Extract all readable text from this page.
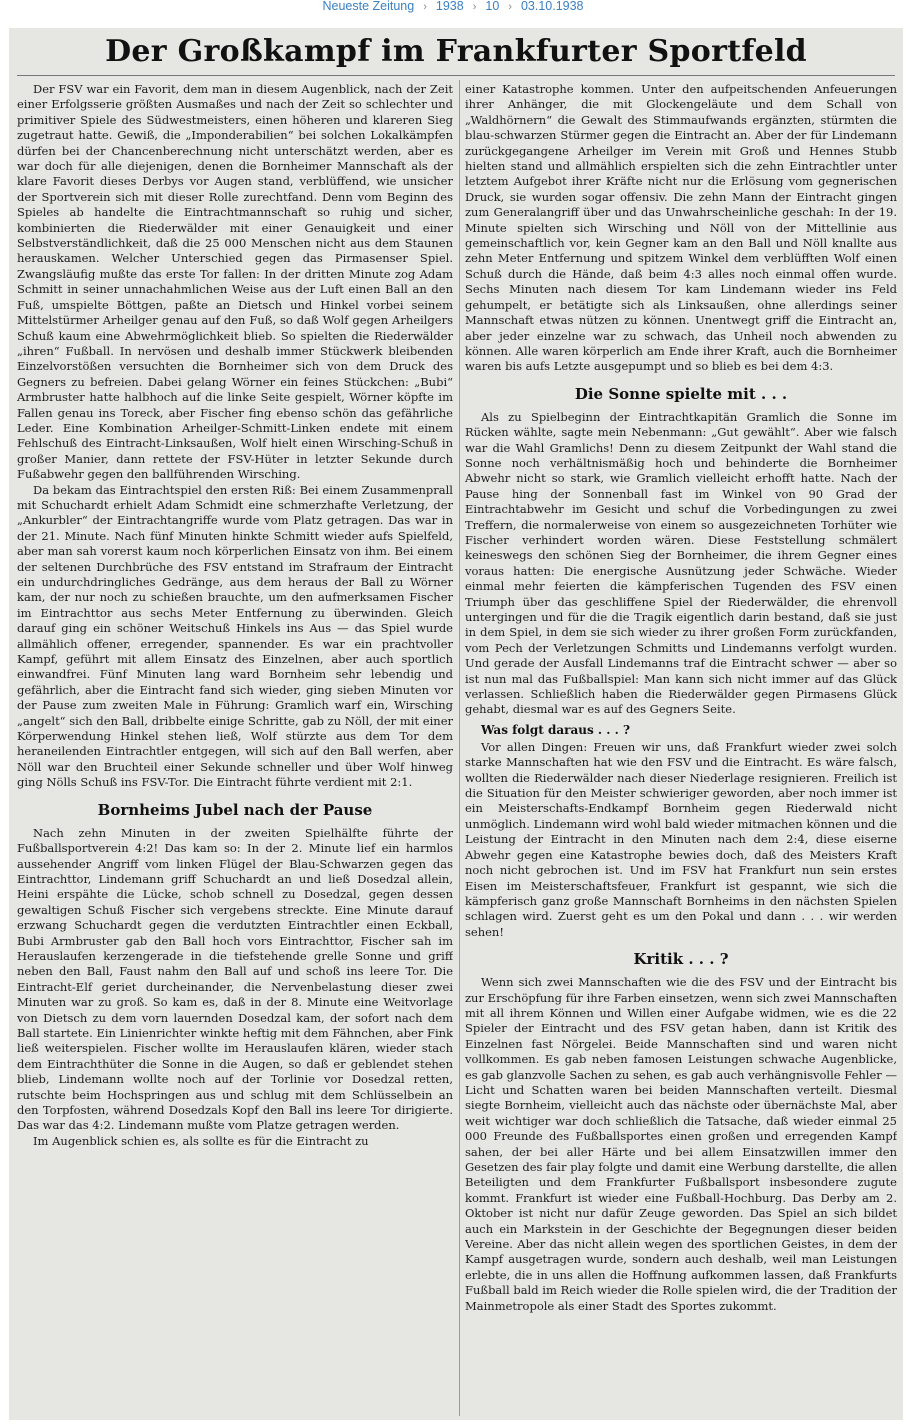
Neueste Zeitung › 1938 › 10 › 03.10.1938
Der Großkampf im Frankfurter Sportfeld

Der FSV war ein Favorit, dem man in diesem Augenblick, nach der Zeit einer Erfolgsserie größten Ausmaßes und nach der Zeit so schlechter und primitiver Spiele des Südwestmeisters, einen höheren und klareren Sieg zugetraut hatte. Gewiß, die „Imponderabilien“ bei solchen Lokalkämpfen dürfen bei der Chancenberechnung nicht unterschätzt werden, aber es war doch für alle diejenigen, denen die Bornheimer Mannschaft als der klare Favorit dieses Derbys vor Augen stand, verblüffend, wie unsicher der Sportverein sich mit dieser Rolle zurechtfand. Denn vom Beginn des Spieles ab handelte die Eintrachtmannschaft so ruhig und sicher, kombinierten die Riederwälder mit einer Genauigkeit und einer Selbstverständlichkeit, daß die 25 000 Menschen nicht aus dem Staunen herauskamen. Welcher Unterschied gegen das Pirmasenser Spiel. Zwangsläufig mußte das erste Tor fallen: In der dritten Minute zog Adam Schmitt in seiner unnachahmlichen Weise aus der Luft einen Ball an den Fuß, umspielte Böttgen, paßte an Dietsch und Hinkel vorbei seinem Mittelstürmer Arheilger genau auf den Fuß, so daß Wolf gegen Arheilgers Schuß kaum eine Abwehrmöglichkeit blieb. So spielten die Riederwälder „ihren“ Fußball. In nervösen und deshalb immer Stückwerk bleibenden Einzelvorstößen versuchten die Bornheimer sich von dem Druck des Gegners zu befreien. Dabei gelang Wörner ein feines Stückchen: „Bubi“ Armbruster hatte halbhoch auf die linke Seite gespielt, Wörner köpfte im Fallen genau ins Toreck, aber Fischer fing ebenso schön das gefährliche Leder. Eine Kombination Arheilger-Schmitt-Linken endete mit einem Fehlschuß des Eintracht-Linksaußen, Wolf hielt einen Wirsching-Schuß in großer Manier, dann rettete der FSV-Hüter in letzter Sekunde durch Fußabwehr gegen den ballführenden Wirsching.

Da bekam das Eintrachtspiel den ersten Riß: Bei einem Zusammenprall mit Schuchardt erhielt Adam Schmidt eine schmerzhafte Verletzung, der „Ankurbler“ der Eintrachtangriffe wurde vom Platz getragen. Das war in der 21. Minute. Nach fünf Minuten hinkte Schmitt wieder aufs Spielfeld, aber man sah vorerst kaum noch körperlichen Einsatz von ihm. Bei einem der seltenen Durchbrüche des FSV entstand im Strafraum der Eintracht ein undurchdringliches Gedränge, aus dem heraus der Ball zu Wörner kam, der nur noch zu schießen brauchte, um den aufmerksamen Fischer im Eintrachttor aus sechs Meter Entfernung zu überwinden. Gleich darauf ging ein schöner Weitschuß Hinkels ins Aus — das Spiel wurde allmählich offener, erregender, spannender. Es war ein prachtvoller Kampf, geführt mit allem Einsatz des Einzelnen, aber auch sportlich einwandfrei. Fünf Minuten lang ward Bornheim sehr lebendig und gefährlich, aber die Eintracht fand sich wieder, ging sieben Minuten vor der Pause zum zweiten Male in Führung: Gramlich warf ein, Wirsching „angelt“ sich den Ball, dribbelte einige Schritte, gab zu Nöll, der mit einer Körperwendung Hinkel stehen ließ, Wolf stürzte aus dem Tor dem heraneilenden Eintrachtler entgegen, will sich auf den Ball werfen, aber Nöll war den Bruchteil einer Sekunde schneller und über Wolf hinweg ging Nölls Schuß ins FSV-Tor. Die Eintracht führte verdient mit 2:1.

Bornheims Jubel nach der Pause

Nach zehn Minuten in der zweiten Spielhälfte führte der Fußballsportverein 4:2! Das kam so: In der 2. Minute lief ein harmlos aussehender Angriff vom linken Flügel der Blau-Schwarzen gegen das Eintrachttor, Lindemann griff Schuchardt an und ließ Dosedzal allein, Heini erspähte die Lücke, schob schnell zu Dosedzal, gegen dessen gewaltigen Schuß Fischer sich vergebens streckte. Eine Minute darauf erzwang Schuchardt gegen die verdutzten Eintrachtler einen Eckball, Bubi Armbruster gab den Ball hoch vors Eintrachttor, Fischer sah im Herauslaufen kerzengerade in die tiefstehende grelle Sonne und griff neben den Ball, Faust nahm den Ball auf und schoß ins leere Tor. Die Eintracht-Elf geriet durcheinander, die Nervenbelastung dieser zwei Minuten war zu groß. So kam es, daß in der 8. Minute eine Weitvorlage von Dietsch zu dem vorn lauernden Dosedzal kam, der sofort nach dem Ball startete. Ein Linienrichter winkte heftig mit dem Fähnchen, aber Fink ließ weiterspielen. Fischer wollte im Herauslaufen klären, wieder stach dem Eintrachthüter die Sonne in die Augen, so daß er geblendet stehen blieb, Lindemann wollte noch auf der Torlinie vor Dosedzal retten, rutschte beim Hochspringen aus und schlug mit dem Schlüsselbein an den Torpfosten, während Dosedzals Kopf den Ball ins leere Tor dirigierte. Das war das 4:2. Lindemann mußte vom Platze getragen werden.

Im Augenblick schien es, als sollte es für die Eintracht zu

einer Katastrophe kommen. Unter den aufpeitschenden Anfeuerungen ihrer Anhänger, die mit Glockengeläute und dem Schall von „Waldhörnern“ die Gewalt des Stimmaufwands ergänzten, stürmten die blau-schwarzen Stürmer gegen die Eintracht an. Aber der für Lindemann zurückgegangene Arheilger im Verein mit Groß und Hennes Stubb hielten stand und allmählich erspielten sich die zehn Eintrachtler unter letztem Aufgebot ihrer Kräfte nicht nur die Erlösung vom gegnerischen Druck, sie wurden sogar offensiv. Die zehn Mann der Eintracht gingen zum Generalangriff über und das Unwahrscheinliche geschah: In der 19. Minute spielten sich Wirsching und Nöll von der Mittellinie aus gemeinschaftlich vor, kein Gegner kam an den Ball und Nöll knallte aus zehn Meter Entfernung und spitzem Winkel dem verblüfften Wolf einen Schuß durch die Hände, daß beim 4:3 alles noch einmal offen wurde. Sechs Minuten nach diesem Tor kam Lindemann wieder ins Feld gehumpelt, er betätigte sich als Linksaußen, ohne allerdings seiner Mannschaft etwas nützen zu können. Unentwegt griff die Eintracht an, aber jeder einzelne war zu schwach, das Unheil noch abwenden zu können. Alle waren körperlich am Ende ihrer Kraft, auch die Bornheimer waren bis aufs Letzte ausgepumpt und so blieb es bei dem 4:3.

Die Sonne spielte mit . . .

Als zu Spielbeginn der Eintrachtkapitän Gramlich die Sonne im Rücken wählte, sagte mein Nebenmann: „Gut gewählt“. Aber wie falsch war die Wahl Gramlichs! Denn zu diesem Zeitpunkt der Wahl stand die Sonne noch verhältnismäßig hoch und behinderte die Bornheimer Abwehr nicht so stark, wie Gramlich vielleicht erhofft hatte. Nach der Pause hing der Sonnenball fast im Winkel von 90 Grad der Eintrachtabwehr im Gesicht und schuf die Vorbedingungen zu zwei Treffern, die normalerweise von einem so ausgezeichneten Torhüter wie Fischer verhindert worden wären. Diese Feststellung schmälert keineswegs den schönen Sieg der Bornheimer, die ihrem Gegner eines voraus hatten: Die energische Ausnützung jeder Schwäche. Wieder einmal mehr feierten die kämpferischen Tugenden des FSV einen Triumph über das geschliffene Spiel der Riederwälder, die ehrenvoll untergingen und für die die Tragik eigentlich darin bestand, daß sie just in dem Spiel, in dem sie sich wieder zu ihrer großen Form zurückfanden, vom Pech der Verletzungen Schmitts und Lindemanns verfolgt wurden. Und gerade der Ausfall Lindemanns traf die Eintracht schwer — aber so ist nun mal das Fußballspiel: Man kann sich nicht immer auf das Glück verlassen. Schließlich haben die Riederwälder gegen Pirmasens Glück gehabt, diesmal war es auf des Gegners Seite.

Was folgt daraus . . . ?

Vor allen Dingen: Freuen wir uns, daß Frankfurt wieder zwei solch starke Mannschaften hat wie den FSV und die Eintracht. Es wäre falsch, wollten die Riederwälder nach dieser Niederlage resignieren. Freilich ist die Situation für den Meister schwieriger geworden, aber noch immer ist ein Meisterschafts-Endkampf Bornheim gegen Riederwald nicht unmöglich. Lindemann wird wohl bald wieder mitmachen können und die Leistung der Eintracht in den Minuten nach dem 2:4, diese eiserne Abwehr gegen eine Katastrophe bewies doch, daß des Meisters Kraft noch nicht gebrochen ist. Und im FSV hat Frankfurt nun sein erstes Eisen im Meisterschaftsfeuer, Frankfurt ist gespannt, wie sich die kämpferisch ganz große Mannschaft Bornheims in den nächsten Spielen schlagen wird. Zuerst geht es um den Pokal und dann . . . wir werden sehen!

Kritik . . . ?

Wenn sich zwei Mannschaften wie die des FSV und der Eintracht bis zur Erschöpfung für ihre Farben einsetzen, wenn sich zwei Mannschaften mit all ihrem Können und Willen einer Aufgabe widmen, wie es die 22 Spieler der Eintracht und des FSV getan haben, dann ist Kritik des Einzelnen fast Nörgelei. Beide Mannschaften sind und waren nicht vollkommen. Es gab neben famosen Leistungen schwache Augenblicke, es gab glanzvolle Sachen zu sehen, es gab auch verhängnisvolle Fehler — Licht und Schatten waren bei beiden Mannschaften verteilt. Diesmal siegte Bornheim, vielleicht auch das nächste oder übernächste Mal, aber weit wichtiger war doch schließlich die Tatsache, daß wieder einmal 25 000 Freunde des Fußballsportes einen großen und erregenden Kampf sahen, der bei aller Härte und bei allem Einsatzwillen immer den Gesetzen des fair play folgte und damit eine Werbung darstellte, die allen Beteiligten und dem Frankfurter Fußballsport insbesondere zugute kommt. Frankfurt ist wieder eine Fußball-Hochburg. Das Derby am 2. Oktober ist nicht nur dafür Zeuge geworden. Das Spiel an sich bildet auch ein Markstein in der Geschichte der Begegnungen dieser beiden Vereine. Aber das nicht allein wegen des sportlichen Geistes, in dem der Kampf ausgetragen wurde, sondern auch deshalb, weil man Leistungen erlebte, die in uns allen die Hoffnung aufkommen lassen, daß Frankfurts Fußball bald im Reich wieder die Rolle spielen wird, die der Tradition der Mainmetropole als einer Stadt des Sportes zukommt.
